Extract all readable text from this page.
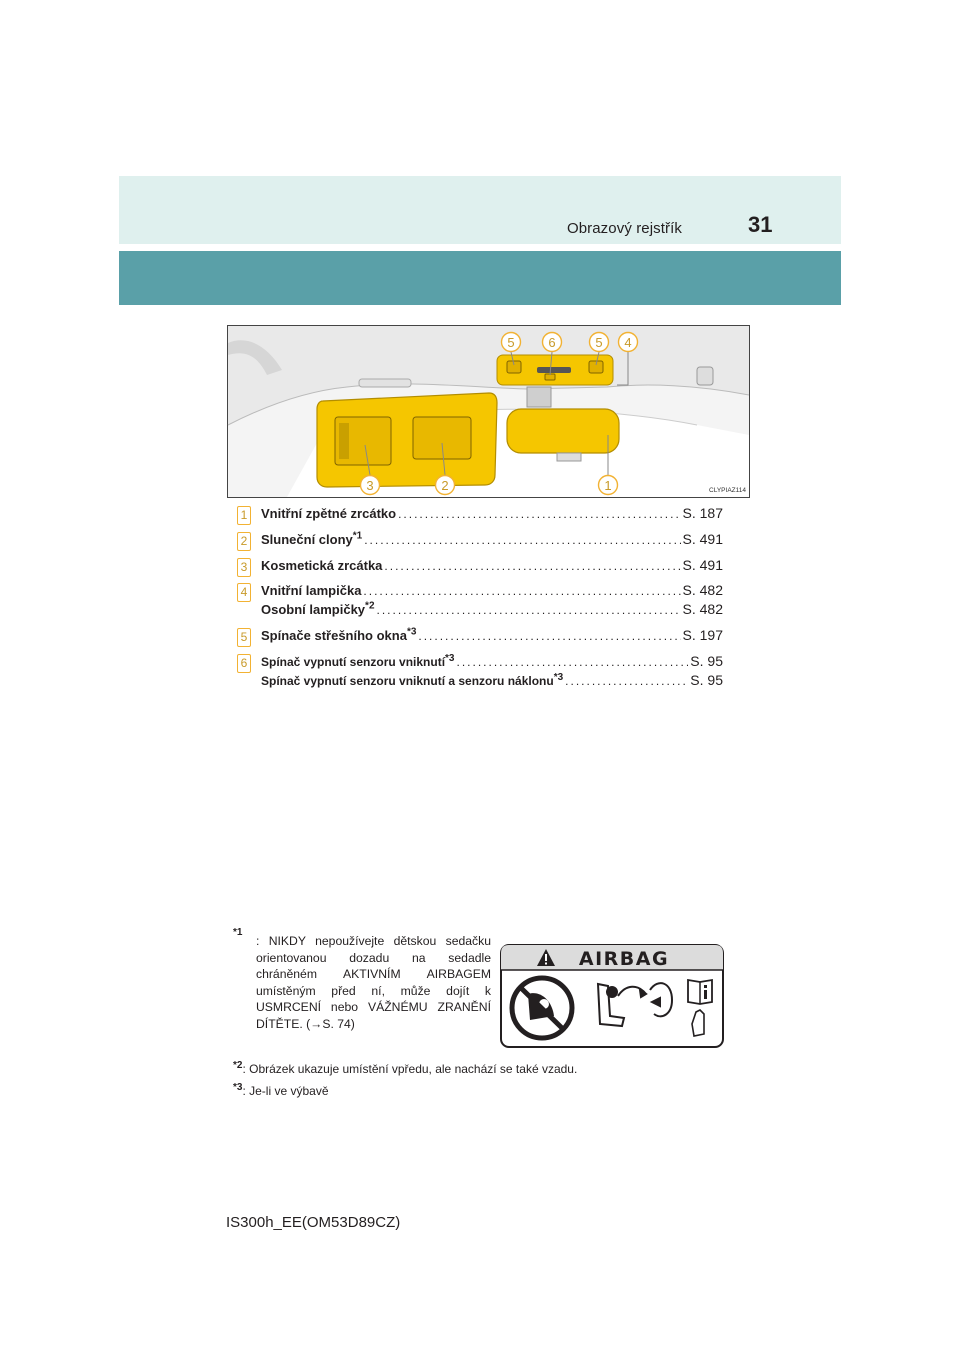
Obrazový rejstřík	31
5	6	5 4
3	2	1	CLYPIAZ114
1 Vnitřní zpětné zrcátko .....	S. 187
2 Sluneční clony$^{*1}$ .....	S. 491
3 Kosmetická zrcátka .....	S. 491
4 Vnitřní lampička .....	S. 482
Osobní lampičky$^{*2}$ .....	S. 482
5 Spínače střešního okna$^{*3}$ .....	S. 197
6	Spínač vypnutí senzoru vniknutí$^{*3}$ .....	S. 95
Spínač vypnutí senzoru vniknutí a senzoru náklonu$^{*3}$ .....	S. 95
*1
: NIKDY nepoužívejte dětskou sedačku orientovanou dozadu na sedadle chráněném AKTIVNÍM AIRBAGEM umístěným před ní, může dojít k USMRCENÍ nebo VÁŽNÉMU ZRANĚNÍ DÍTĚTE. (→S. 74)
$^{*2}$: Obrázek ukazuje umístění vpředu, ale nachází se také vzadu.
$^{*3}$: Je-li ve výbavě
AIRBAG
IS300h_EE(OM53D89CZ)
